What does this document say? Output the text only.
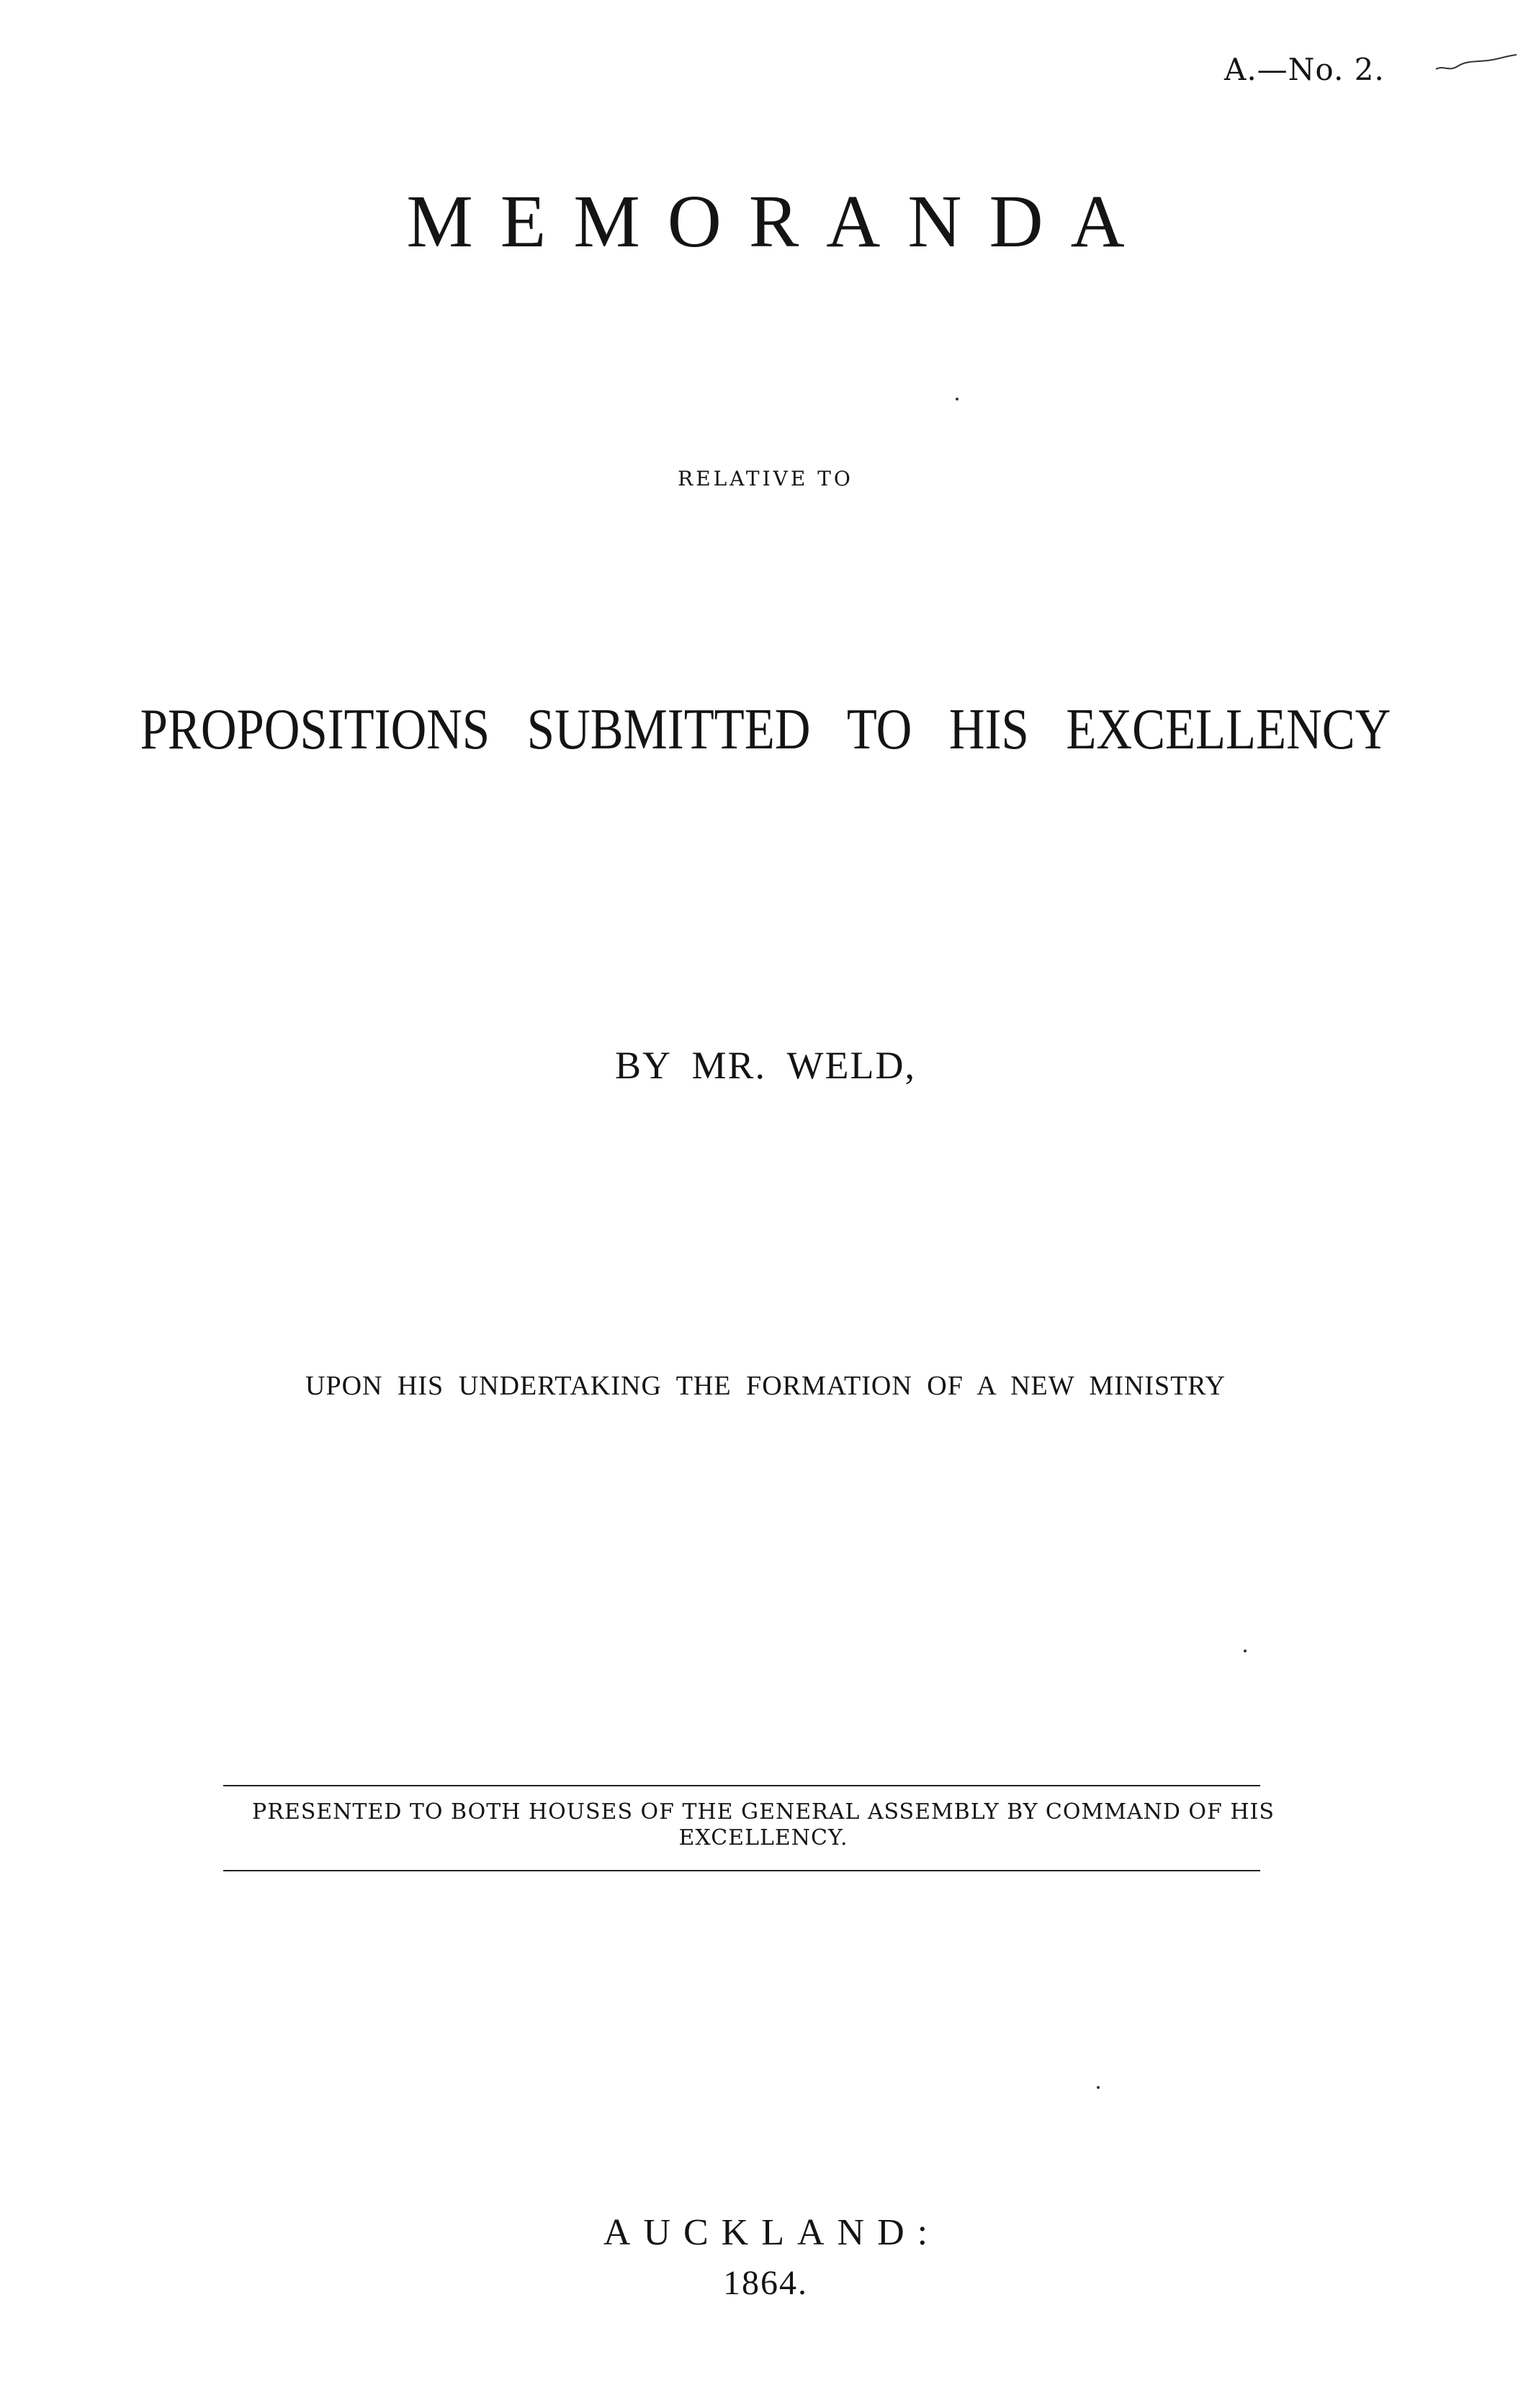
A.—No. 2.
MEMORANDA
RELATIVE TO
PROPOSITIONS SUBMITTED TO HIS EXCELLENCY
BY MR. WELD,
UPON HIS UNDERTAKING THE FORMATION OF A NEW MINISTRY
PRESENTED TO BOTH HOUSES OF THE GENERAL ASSEMBLY BY COMMAND OF HIS EXCELLENCY.
AUCKLAND:
1864.
